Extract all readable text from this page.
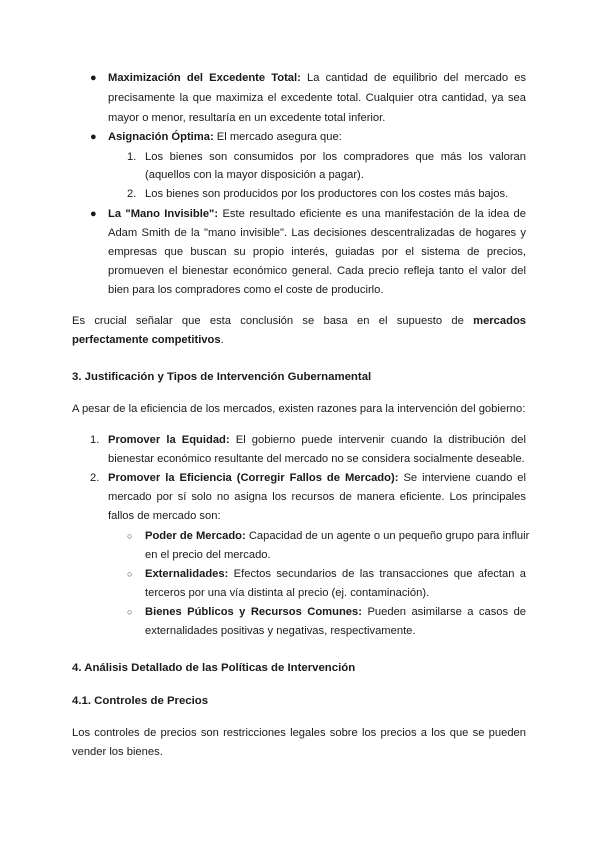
● Maximización del Excedente Total: La cantidad de equilibrio del mercado es

precisamente la que maximiza el excedente total. Cualquier otra cantidad, ya sea

mayor o menor, resultaría en un excedente total inferior.

● Asignación Óptima: El mercado asegura que:

1. Los bienes son consumidos por los compradores que más los valoran

(aquellos con la mayor disposición a pagar).

2. Los bienes son producidos por los productores con los costes más bajos.

● La "Mano Invisible": Este resultado eficiente es una manifestación de la idea de

Adam Smith de la "mano invisible". Las decisiones descentralizadas de hogares y

empresas que buscan su propio interés, guiadas por el sistema de precios,

promueven el bienestar económico general. Cada precio refleja tanto el valor del

bien para los compradores como el coste de producirlo.

Es crucial señalar que esta conclusión se basa en el supuesto de mercados

perfectamente competitivos.

3. Justificación y Tipos de Intervención Gubernamental

A pesar de la eficiencia de los mercados, existen razones para la intervención del gobierno:

1. Promover la Equidad: El gobierno puede intervenir cuando la distribución del

bienestar económico resultante del mercado no se considera socialmente deseable.

2. Promover la Eficiencia (Corregir Fallos de Mercado): Se interviene cuando el

mercado por sí solo no asigna los recursos de manera eficiente. Los principales

fallos de mercado son:

○ Poder de Mercado: Capacidad de un agente o un pequeño grupo para influir

en el precio del mercado.

○ Externalidades: Efectos secundarios de las transacciones que afectan a

terceros por una vía distinta al precio (ej. contaminación).

○ Bienes Públicos y Recursos Comunes: Pueden asimilarse a casos de

externalidades positivas y negativas, respectivamente.

4. Análisis Detallado de las Políticas de Intervención
4.1. Controles de Precios

Los controles de precios son restricciones legales sobre los precios a los que se pueden

vender los bienes.
